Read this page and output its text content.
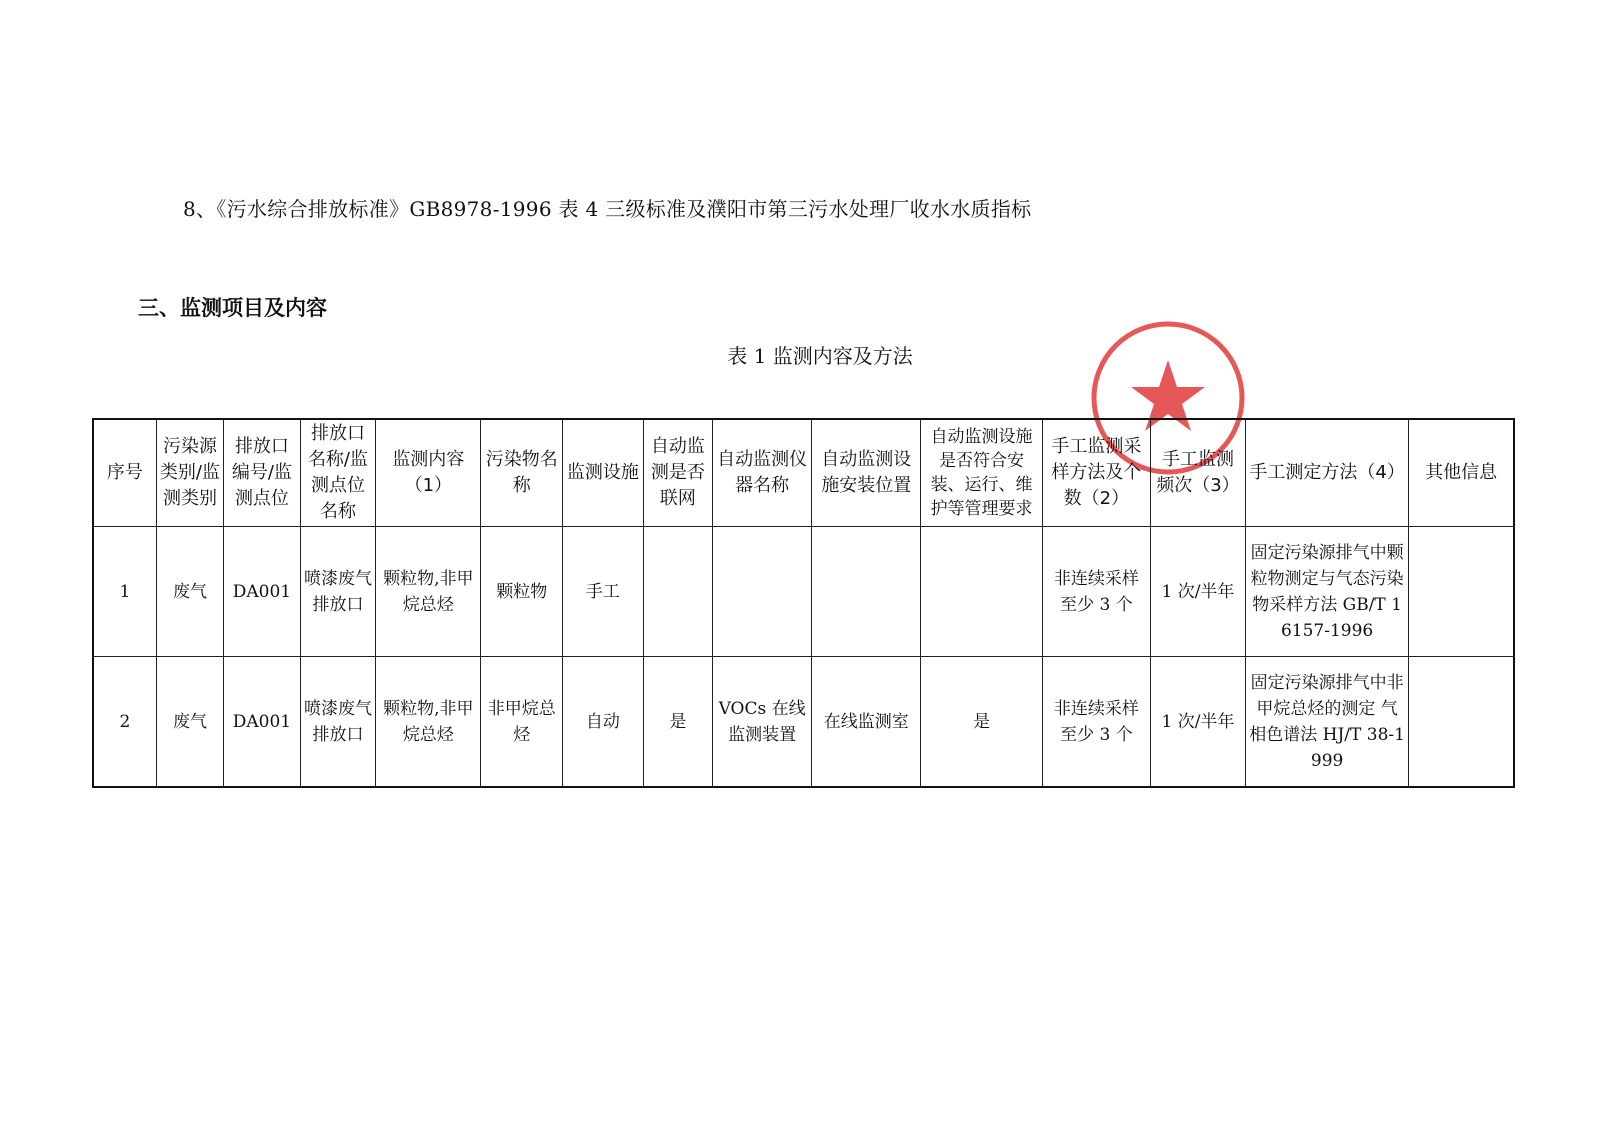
8、《污水综合排放标准》GB8978-1996 表 4 三级标准及濮阳市第三污水处理厂收水水质指标
三、监测项目及内容
表 1 监测内容及方法
序号	污染源类别/监测类别	排放口编号/监测点位	排放口名称/监测点位名称	监测内容（1）	污染物名称	监测设施	自动监测是否联网	自动监测仪器名称	自动监测设施安装位置	自动监测设施是否符合安装、运行、维护等管理要求	手工监测采样方法及个数（2）	手工监测频次（3）	手工测定方法（4）	其他信息
1	废气	DA001	喷漆废气排放口	颗粒物,非甲烷总烃	颗粒物	手工					非连续采样 至少 3 个	1 次/半年	固定污染源排气中颗粒物测定与气态污染物采样方法 GB/T 16157-1996	
2	废气	DA001	喷漆废气排放口	颗粒物,非甲烷总烃	非甲烷总烃	自动	是	VOCs 在线监测装置	在线监测室	是	非连续采样 至少 3 个	1 次/半年	固定污染源排气中非甲烷总烃的测定 气相色谱法 HJ/T 38-1999	
